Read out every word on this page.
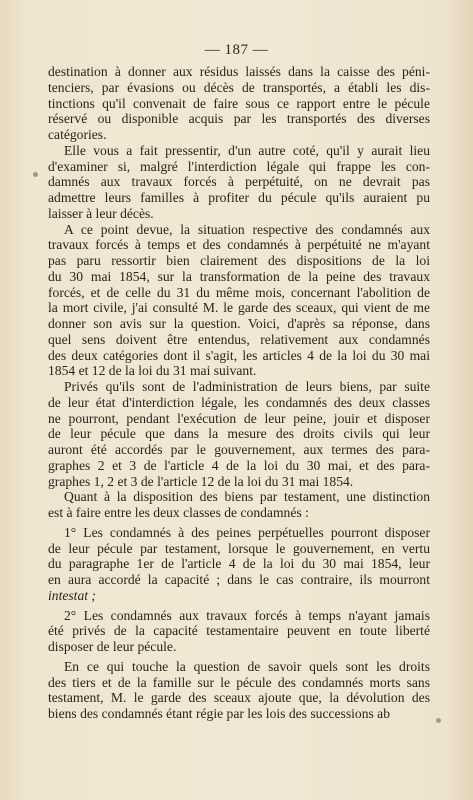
— 187 —
destination à donner aux résidus laissés dans la caisse des péni-
tenciers, par évasions ou décès de transportés, a établi les dis-
tinctions qu'il convenait de faire sous ce rapport entre le pécule
réservé ou disponible acquis par les transportés des diverses
catégories.
Elle vous a fait pressentir, d'un autre coté, qu'il y aurait lieu
d'examiner si, malgré l'interdiction légale qui frappe les con-
damnés aux travaux forcés à perpétuité, on ne devrait pas
admettre leurs familles à profiter du pécule qu'ils auraient pu
laisser à leur décès.
A ce point devue, la situation respective des condamnés aux
travaux forcés à temps et des condamnés à perpétuité ne m'ayant
pas paru ressortir bien clairement des dispositions de la loi
du 30 mai 1854, sur la transformation de la peine des travaux
forcés, et de celle du 31 du même mois, concernant l'abolition de
la mort civile, j'ai consulté M. le garde des sceaux, qui vient de me
donner son avis sur la question. Voici, d'après sa réponse, dans
quel sens doivent être entendus, relativement aux condamnés
des deux catégories dont il s'agit, les articles 4 de la loi du 30 mai
1854 et 12 de la loi du 31 mai suivant.
Privés qu'ils sont de l'administration de leurs biens, par suite
de leur état d'interdiction légale, les condamnés des deux classes
ne pourront, pendant l'exécution de leur peine, jouir et disposer
de leur pécule que dans la mesure des droits civils qui leur
auront été accordés par le gouvernement, aux termes des para-
graphes 2 et 3 de l'article 4 de la loi du 30 mai, et des para-
graphes 1, 2 et 3 de l'article 12 de la loi du 31 mai 1854.
Quant à la disposition des biens par testament, une distinction
est à faire entre les deux classes de condamnés :
1° Les condamnés à des peines perpétuelles pourront disposer
de leur pécule par testament, lorsque le gouvernement, en vertu
du paragraphe 1er de l'article 4 de la loi du 30 mai 1854, leur
en aura accordé la capacité ; dans le cas contraire, ils mourront
intestat ;
2° Les condamnés aux travaux forcés à temps n'ayant jamais
été privés de la capacité testamentaire peuvent en toute liberté
disposer de leur pécule.
En ce qui touche la question de savoir quels sont les droits
des tiers et de la famille sur le pécule des condamnés morts sans
testament, M. le garde des sceaux ajoute que, la dévolution des
biens des condamnés étant régie par les lois des successions ab
